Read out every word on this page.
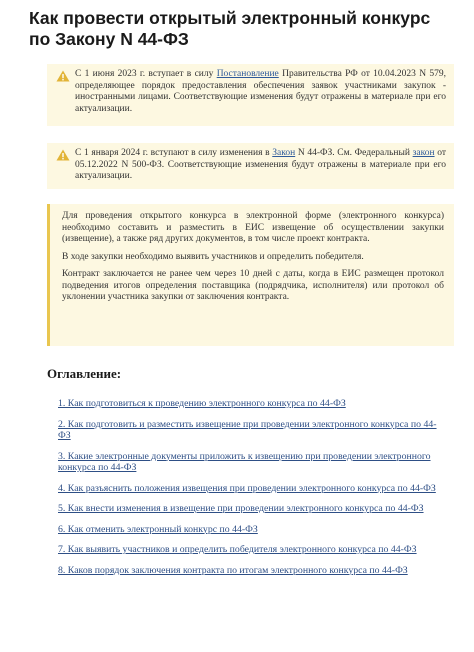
Как провести открытый электронный конкурс по Закону N 44-ФЗ
С 1 июня 2023 г. вступает в силу Постановление Правительства РФ от 10.04.2023 N 579, определяющее порядок предоставления обеспечения заявок участниками закупок - иностранными лицами. Соответствующие изменения будут отражены в материале при его актуализации.
С 1 января 2024 г. вступают в силу изменения в Закон N 44-ФЗ. См. Федеральный закон от 05.12.2022 N 500-ФЗ. Соответствующие изменения будут отражены в материале при его актуализации.

Для проведения открытого конкурса в электронной форме (электронного конкурса) необходимо составить и разместить в ЕИС извещение об осуществлении закупки (извещение), а также ряд других документов, в том числе проект контракта.

В ходе закупки необходимо выявить участников и определить победителя.

Контракт заключается не ранее чем через 10 дней с даты, когда в ЕИС размещен протокол подведения итогов определения поставщика (подрядчика, исполнителя) или протокол об уклонении участника закупки от заключения контракта.

Оглавление:
1. Как подготовиться к проведению электронного конкурса по 44-ФЗ
2. Как подготовить и разместить извещение при проведении электронного конкурса по 44-ФЗ
3. Какие электронные документы приложить к извещению при проведении электронного конкурса по 44-ФЗ
4. Как разъяснить положения извещения при проведении электронного конкурса по 44-ФЗ
5. Как внести изменения в извещение при проведении электронного конкурса по 44-ФЗ
6. Как отменить электронный конкурс по 44-ФЗ
7. Как выявить участников и определить победителя электронного конкурса по 44-ФЗ
8. Каков порядок заключения контракта по итогам электронного конкурса по 44-ФЗ
